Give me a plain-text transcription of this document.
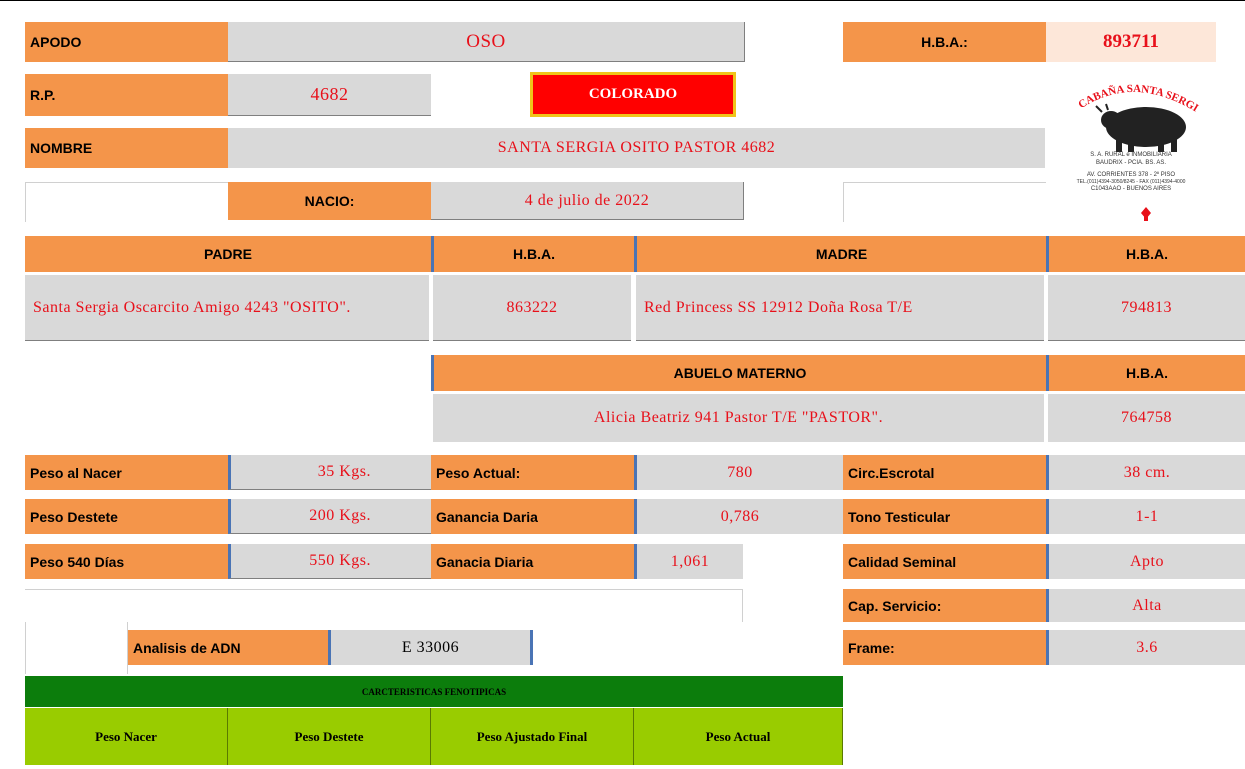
APODO	OSO	H.B.A.:	893711
R.P.	4682	COLORADO
NOMBRE	SANTA SERGIA OSITO PASTOR 4682
NACIO:	4 de julio de 2022
CABAÑA SANTA SERGI
S. A. RURAL e INMOBILIARIA
BAUDRIX - PCIA. BS. AS.
AV. CORRIENTES 378 - 2º PISO
TEL.(011)4394-3050/8245 - FAX (011)4394-4000
C1043AAO - BUENOS AIRES
PADRE	H.B.A.	MADRE	H.B.A.
Santa Sergia Oscarcito Amigo 4243 "OSITO".	863222	Red Princess SS 12912 Doña Rosa T/E	794813
ABUELO MATERNO	H.B.A.
Alicia Beatriz 941 Pastor T/E "PASTOR".	764758
Peso al Nacer	35 Kgs.	Peso Actual:	780	Circ.Escrotal	38 cm.
Peso Destete	200 Kgs.	Ganancia Daria	0,786	Tono Testicular	1-1
Peso 540 Días	550 Kgs.	Ganacia Diaria	1,061	Calidad Seminal	Apto
Cap. Servicio:	Alta
Analisis de ADN	E 33006	Frame:	3.6
CARCTERISTICAS FENOTIPICAS
Peso Nacer	Peso Destete	Peso Ajustado Final	Peso Actual
